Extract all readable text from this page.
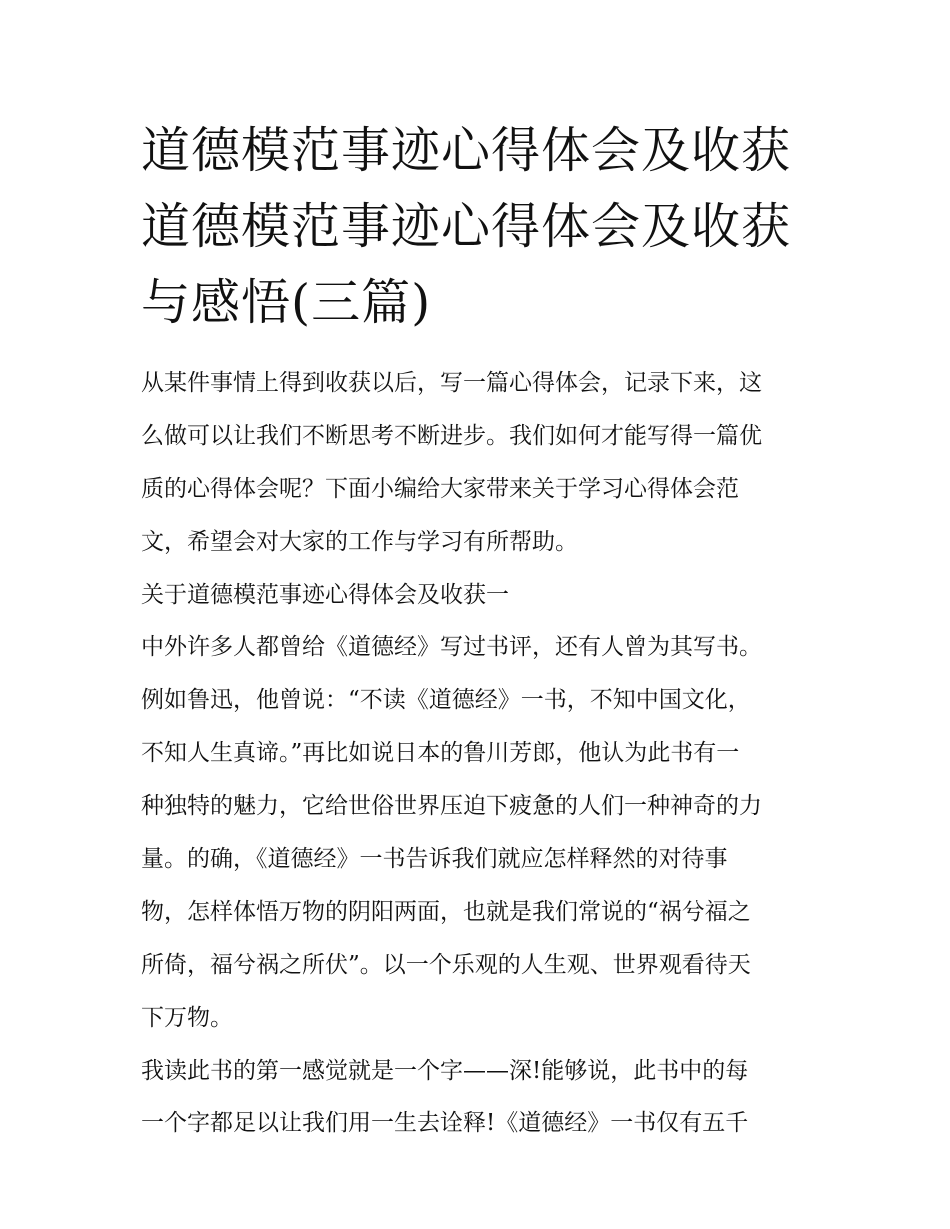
道德模范事迹心得体会及收获
道德模范事迹心得体会及收获
与感悟(三篇)
从某件事情上得到收获以后，写一篇心得体会，记录下来，这
么做可以让我们不断思考不断进步。我们如何才能写得一篇优
质的心得体会呢？下面小编给大家带来关于学习心得体会范
文，希望会对大家的工作与学习有所帮助。
关于道德模范事迹心得体会及收获一
中外许多人都曾给《道德经》写过书评，还有人曾为其写书。
例如鲁迅，他曾说：“不读《道德经》一书，不知中国文化，
不知人生真谛。”再比如说日本的鲁川芳郎，他认为此书有一
种独特的魅力，它给世俗世界压迫下疲惫的人们一种神奇的力
量。的确，《道德经》一书告诉我们就应怎样释然的对待事
物，怎样体悟万物的阴阳两面，也就是我们常说的“祸兮福之
所倚，福兮祸之所伏”。以一个乐观的人生观、世界观看待天
下万物。
我读此书的第一感觉就是一个字——深!能够说，此书中的每
一个字都足以让我们用一生去诠释!《道德经》一书仅有五千
